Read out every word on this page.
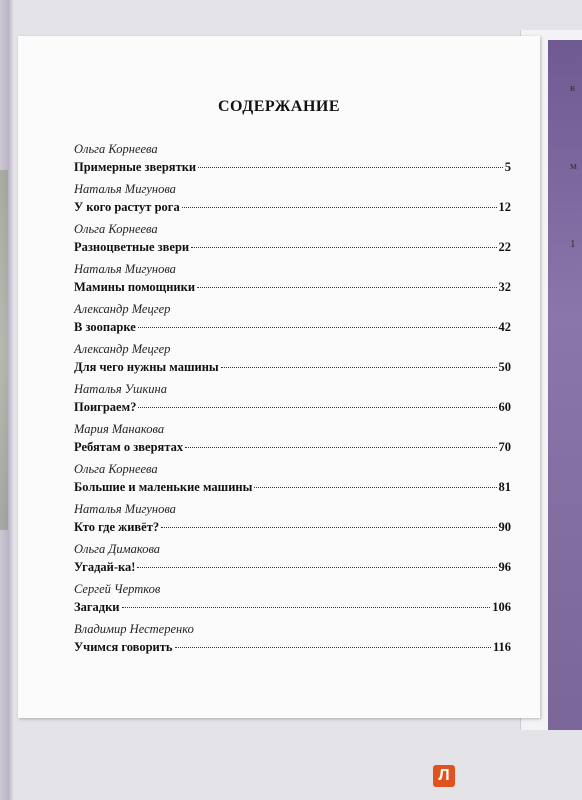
в
м
1
СОДЕРЖАНИЕ
Ольга Корнеева
Примерные зверятки	5
Наталья Мигунова
У кого растут рога	12
Ольга Корнеева
Разноцветные звери	22
Наталья Мигунова
Мамины помощники	32
Александр Мецгер
В зоопарке	42
Александр Мецгер
Для чего нужны машины	50
Наталья Ушкина
Поиграем?	60
Мария Манакова
Ребятам о зверятах	70
Ольга Корнеева
Большие и маленькие машины	81
Наталья Мигунова
Кто где живёт?	90
Ольга Димакова
Угадай-ка!	96
Сергей Чертков
Загадки	106
Владимир Нестеренко
Учимся говорить	116
Л
